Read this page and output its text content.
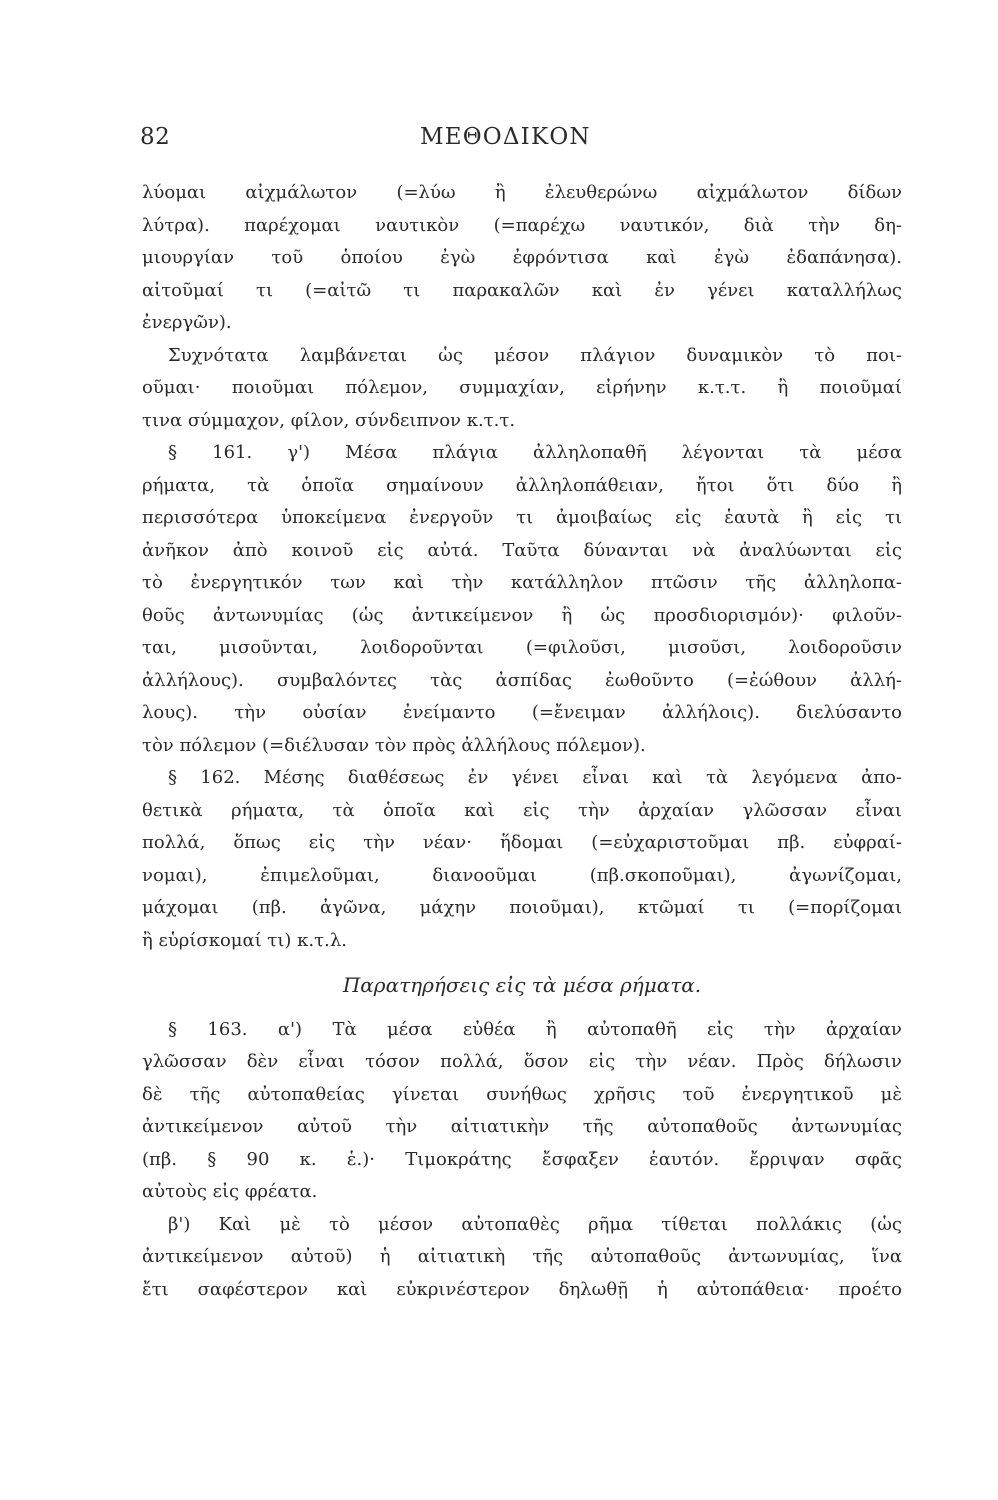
82	ΜΕΘΟΔΙΚΟΝ
λύομαι αἰχμάλωτον (=λύω ἢ ἐλευθερώνω αἰχμάλωτον δίδων
λύτρα). παρέχομαι ναυτικὸν (=παρέχω ναυτικόν, διὰ τὴν δη-
μιουργίαν τοῦ ὁποίου ἐγὼ ἐφρόντισα καὶ ἐγὼ ἐδαπάνησα).
αἰτοῦμαί τι (=αἰτῶ τι παρακαλῶν καὶ ἐν γένει καταλλήλως
ἐνεργῶν).
Συχνότατα λαμβάνεται ὡς μέσον πλάγιον δυναμικὸν τὸ ποι-
οῦμαι· ποιοῦμαι πόλεμον, συμμαχίαν, εἰρήνην κ.τ.τ. ἢ ποιοῦμαί
τινα σύμμαχον, φίλον, σύνδειπνον κ.τ.τ.
§ 161. γ') Μέσα πλάγια ἀλληλοπαθῆ λέγονται τὰ μέσα
ρήματα, τὰ ὁποῖα σημαίνουν ἀλληλοπάθειαν, ἤτοι ὅτι δύο ἢ
περισσότερα ὑποκείμενα ἐνεργοῦν τι ἀμοιβαίως εἰς ἑαυτὰ ἢ εἰς τι
ἀνῆκον ἀπὸ κοινοῦ εἰς αὐτά. Ταῦτα δύνανται νὰ ἀναλύωνται εἰς
τὸ ἐνεργητικόν των καὶ τὴν κατάλληλον πτῶσιν τῆς ἀλληλοπα-
θοῦς ἀντωνυμίας (ὡς ἀντικείμενον ἢ ὡς προσδιορισμόν)· φιλοῦν-
ται, μισοῦνται, λοιδοροῦνται (=φιλοῦσι, μισοῦσι, λοιδοροῦσιν
ἀλλήλους). συμβαλόντες τὰς ἀσπίδας ἐωθοῦντο (=ἐώθουν ἀλλή-
λους). τὴν οὐσίαν ἐνείμαντο (=ἔνειμαν ἀλλήλοις). διελύσαντο
τὸν πόλεμον (=διέλυσαν τὸν πρὸς ἀλλήλους πόλεμον).
§ 162. Μέσης διαθέσεως ἐν γένει εἶναι καὶ τὰ λεγόμενα ἀπο-
θετικὰ ρήματα, τὰ ὁποῖα καὶ εἰς τὴν ἀρχαίαν γλῶσσαν εἶναι
πολλά, ὅπως εἰς τὴν νέαν· ἥδομαι (=εὐχαριστοῦμαι πβ. εὐφραί-
νομαι), ἐπιμελοῦμαι, διανοοῦμαι (πβ.σκοποῦμαι), ἀγωνίζομαι,
μάχομαι (πβ. ἀγῶνα, μάχην ποιοῦμαι), κτῶμαί τι (=πορίζομαι
ἢ εὑρίσκομαί τι) κ.τ.λ.
Παρατηρήσεις εἰς τὰ μέσα ρήματα.
§ 163. α') Τὰ μέσα εὐθέα ἢ αὐτοπαθῆ εἰς τὴν ἀρχαίαν
γλῶσσαν δὲν εἶναι τόσον πολλά, ὅσον εἰς τὴν νέαν. Πρὸς δήλωσιν
δὲ τῆς αὐτοπαθείας γίνεται συνήθως χρῆσις τοῦ ἐνεργητικοῦ μὲ
ἀντικείμενον αὐτοῦ τὴν αἰτιατικὴν τῆς αὐτοπαθοῦς ἀντωνυμίας
(πβ. § 90 κ. ἑ.)· Τιμοκράτης ἔσφαξεν ἑαυτόν. ἔρριψαν σφᾶς
αὐτοὺς εἰς φρέατα.
β') Καὶ μὲ τὸ μέσον αὐτοπαθὲς ρῆμα τίθεται πολλάκις (ὡς
ἀντικείμενον αὐτοῦ) ἡ αἰτιατικὴ τῆς αὐτοπαθοῦς ἀντωνυμίας, ἵνα
ἔτι σαφέστερον καὶ εὐκρινέστερον δηλωθῇ ἡ αὐτοπάθεια· προέτο
